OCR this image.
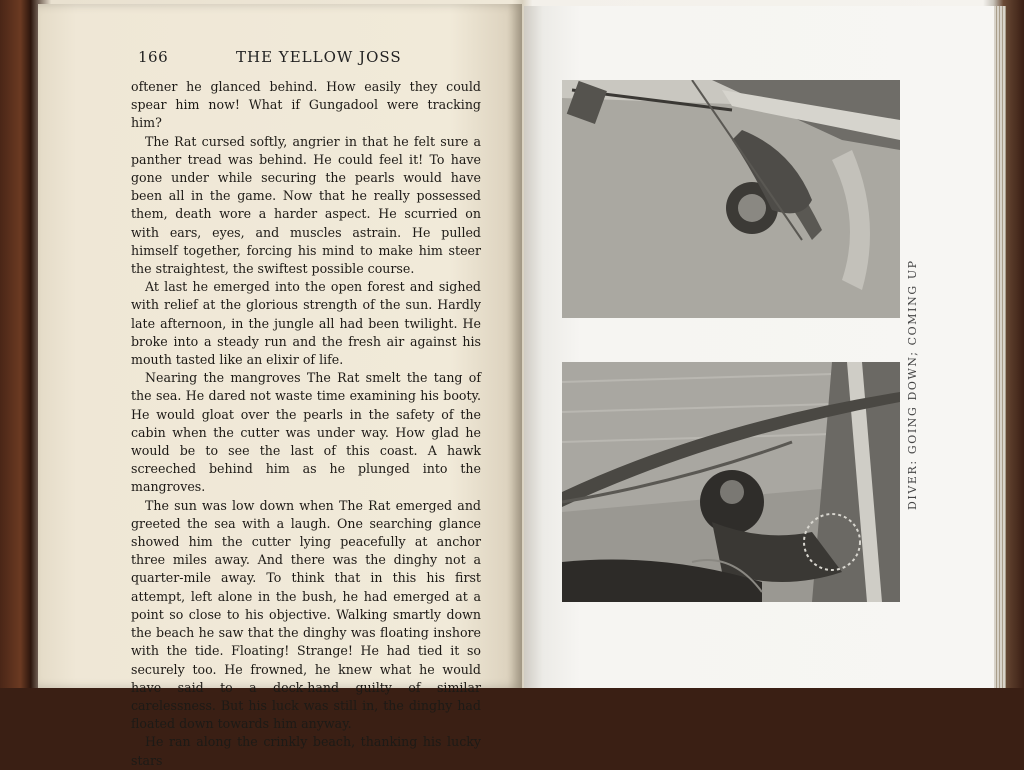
166	THE YELLOW JOSS

oftener he glanced behind. How easily they could spear him now! What if Gungadool were tracking him?

The Rat cursed softly, angrier in that he felt sure a panther tread was behind. He could feel it! To have gone under while securing the pearls would have been all in the game. Now that he really possessed them, death wore a harder aspect. He scurried on with ears, eyes, and muscles astrain. He pulled himself together, forcing his mind to make him steer the straightest, the swiftest possible course.

At last he emerged into the open forest and sighed with relief at the glorious strength of the sun. Hardly late afternoon, in the jungle all had been twilight. He broke into a steady run and the fresh air against his mouth tasted like an elixir of life.

Nearing the mangroves The Rat smelt the tang of the sea. He dared not waste time examining his booty. He would gloat over the pearls in the safety of the cabin when the cutter was under way. How glad he would be to see the last of this coast. A hawk screeched behind him as he plunged into the mangroves.

The sun was low down when The Rat emerged and greeted the sea with a laugh. One searching glance showed him the cutter lying peacefully at anchor three miles away. And there was the dinghy not a quarter-mile away. To think that in this his first attempt, left alone in the bush, he had emerged at a point so close to his objective. Walking smartly down the beach he saw that the dinghy was floating inshore with the tide. Floating! Strange! He had tied it so securely too. He frowned, he knew what he would have said to a deck-hand guilty of similar carelessness. But his luck was still in, the dinghy had floated down towards him anyway.

He ran along the crinkly beach, thanking his lucky stars

DIVER: GOING DOWN; COMING UP
